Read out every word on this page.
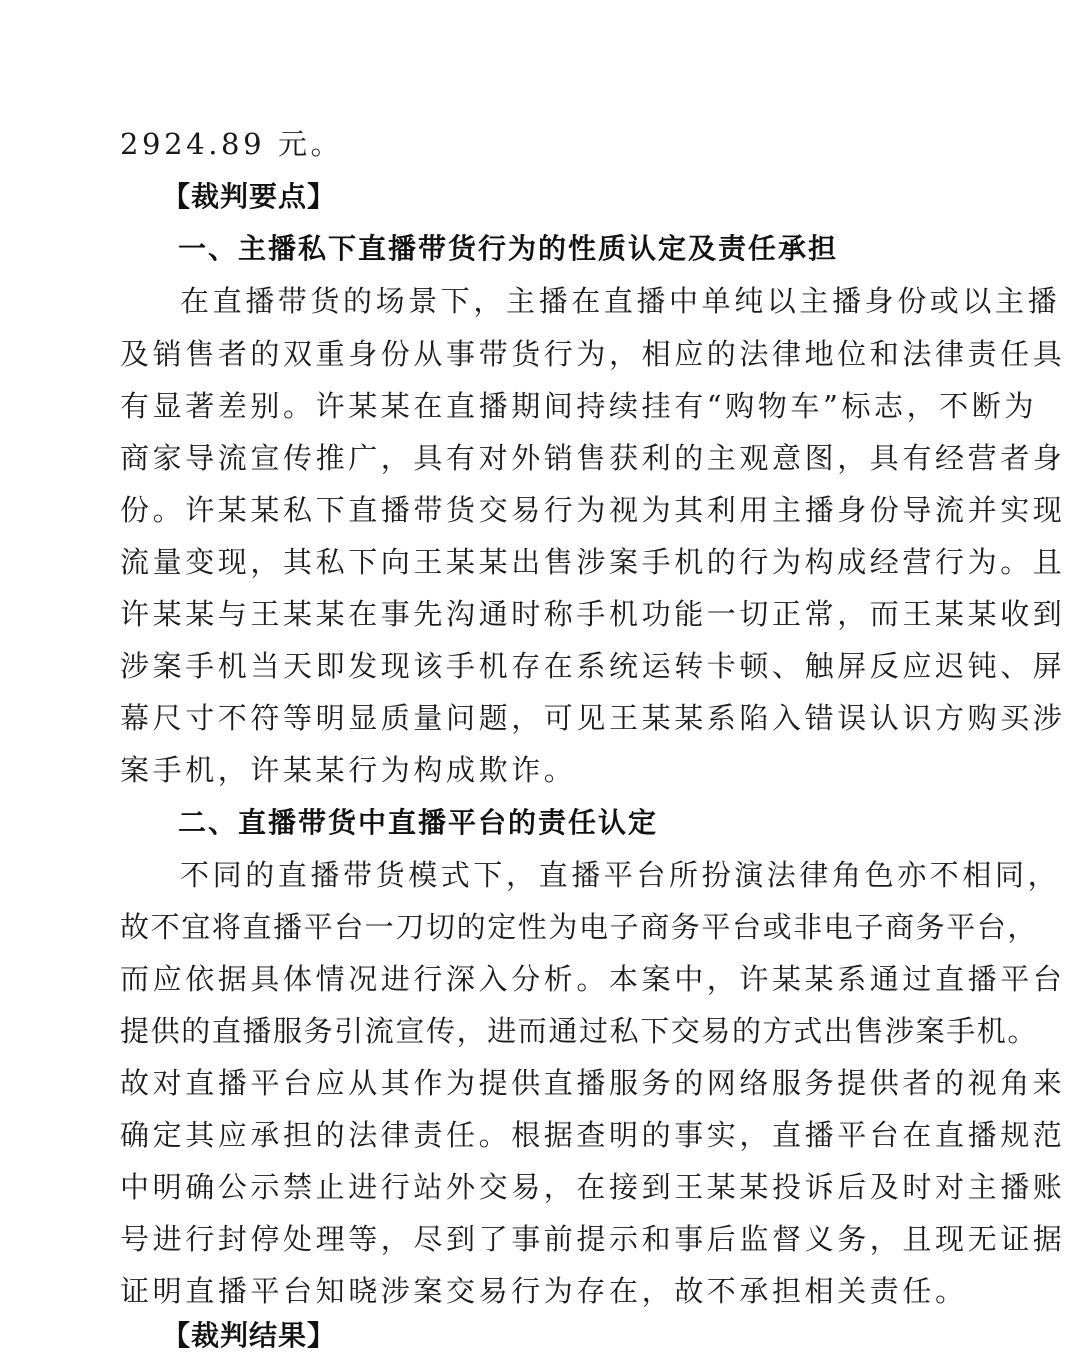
2924.89 元。
【裁判要点】
一、主播私下直播带货行为的性质认定及责任承担
在直播带货的场景下，主播在直播中单纯以主播身份或以主播
及销售者的双重身份从事带货行为，相应的法律地位和法律责任具
有显著差别。许某某在直播期间持续挂有“购物车”标志，不断为
商家导流宣传推广，具有对外销售获利的主观意图，具有经营者身
份。许某某私下直播带货交易行为视为其利用主播身份导流并实现
流量变现，其私下向王某某出售涉案手机的行为构成经营行为。且
许某某与王某某在事先沟通时称手机功能一切正常，而王某某收到
涉案手机当天即发现该手机存在系统运转卡顿、触屏反应迟钝、屏
幕尺寸不符等明显质量问题，可见王某某系陷入错误认识方购买涉
案手机，许某某行为构成欺诈。
二、直播带货中直播平台的责任认定
不同的直播带货模式下，直播平台所扮演法律角色亦不相同，
故不宜将直播平台一刀切的定性为电子商务平台或非电子商务平台，
而应依据具体情况进行深入分析。本案中，许某某系通过直播平台
提供的直播服务引流宣传，进而通过私下交易的方式出售涉案手机。
故对直播平台应从其作为提供直播服务的网络服务提供者的视角来
确定其应承担的法律责任。根据查明的事实，直播平台在直播规范
中明确公示禁止进行站外交易，在接到王某某投诉后及时对主播账
号进行封停处理等，尽到了事前提示和事后监督义务，且现无证据
证明直播平台知晓涉案交易行为存在，故不承担相关责任。
【裁判结果】
